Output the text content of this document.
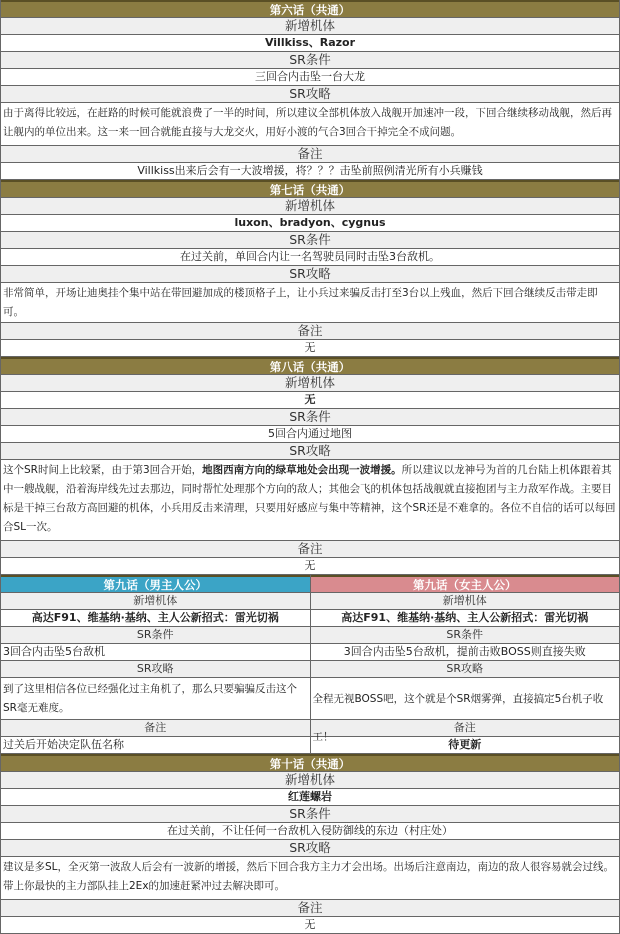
第六话（共通）
新增机体
Villkiss、Razor
SR条件
三回合内击坠一台大龙
SR攻略
由于离得比较远，在赶路的时候可能就浪费了一半的时间，所以建议全部机体放入战舰开加速冲一段，下回合继续移动战舰，然后再让舰内的单位出来。这一来一回合就能直接与大龙交火，用好小渡的气合3回合干掉完全不成问题。
备注
Villkiss出来后会有一大波增援，将？？？击坠前照例清光所有小兵赚钱
第七话（共通）
新增机体
luxon、bradyon、cygnus
SR条件
在过关前，单回合内让一名驾驶员同时击坠3台敌机。
SR攻略
非常简单，开场让迪奥挂个集中站在带回避加成的楼顶格子上，让小兵过来骗反击打至3台以上残血，然后下回合继续反击带走即可。
备注
无
第八话（共通）
新增机体
无
SR条件
5回合内通过地图
SR攻略
这个SR时间上比较紧，由于第3回合开始，地图西南方向的绿草地处会出现一波增援。所以建议以龙神号为首的几台陆上机体跟着其中一艘战舰，沿着海岸线先过去那边，同时帮忙处理那个方向的敌人；其他会飞的机体包括战舰就直接抱团与主力敌军作战。主要目标是干掉三台敌方高回避的机体，小兵用反击来清理，只要用好感应与集中等精神，这个SR还是不难拿的。各位不自信的话可以每回合SL一次。
备注
无
第九话（男主人公）
新增机体
高达F91、维基纳·基纳、主人公新招式：雷光切祸
SR条件
3回合内击坠5台敌机
SR攻略
到了这里相信各位已经强化过主角机了，那么只要骗骗反击这个SR毫无难度。
备注
过关后开始决定队伍名称
第九话（女主人公）
新增机体
高达F91、维基纳·基纳、主人公新招式：雷光切祸
SR条件
3回合内击坠5台敌机，提前击败BOSS则直接失败
SR攻略
全程无视BOSS吧，这个就是个SR烟雾弹，直接搞定5台机子收工！
备注
待更新
第十话（共通）
新增机体
红莲螺岩
SR条件
在过关前，不让任何一台敌机入侵防御线的东边（村庄处）
SR攻略
建议是多SL，全灭第一波敌人后会有一波新的增援，然后下回合我方主力才会出场。出场后注意南边，南边的敌人很容易就会过线。带上你最快的主力部队挂上2Ex的加速赶紧冲过去解决即可。
备注
无
